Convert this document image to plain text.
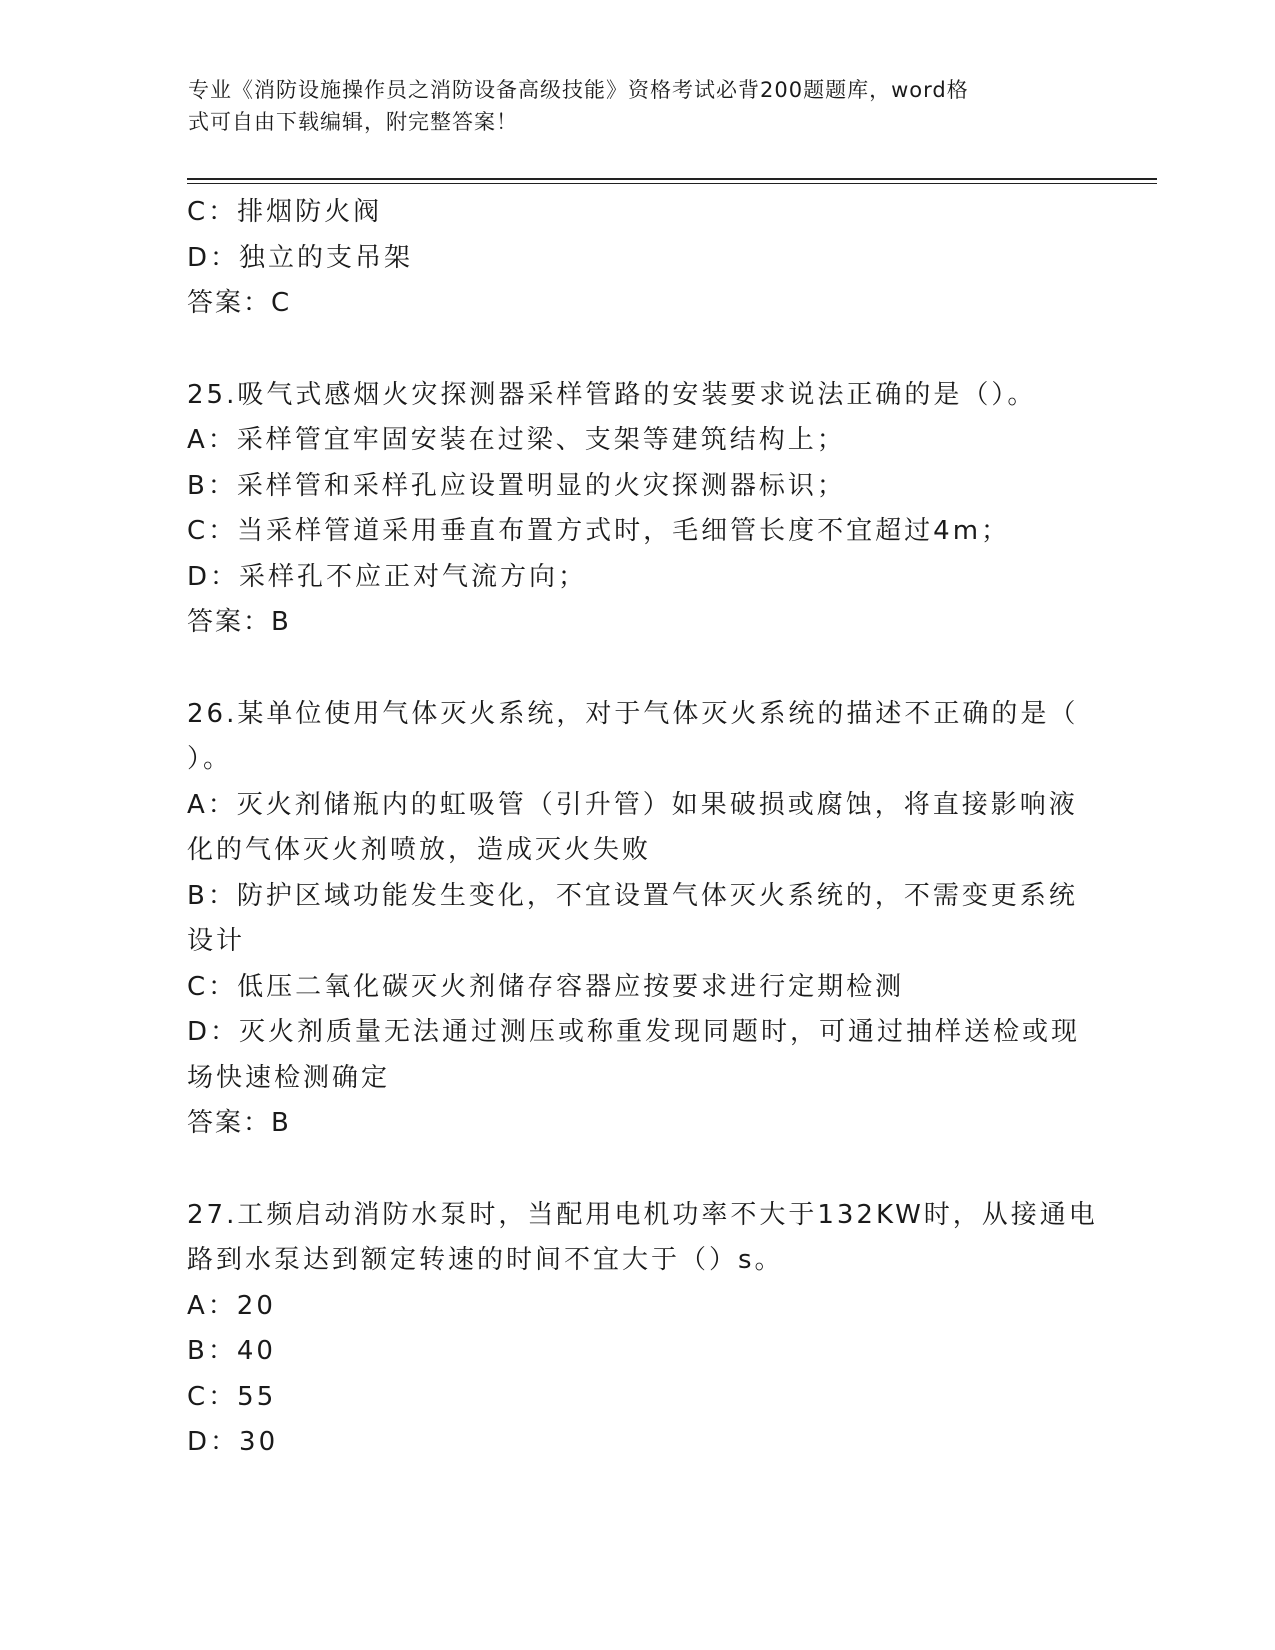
专业《消防设施操作员之消防设备高级技能》资格考试必背200题题库，word格
式可自由下载编辑，附完整答案！
C：排烟防火阀
D：独立的支吊架
答案：C
25.吸气式感烟火灾探测器采样管路的安装要求说法正确的是（）。
A：采样管宜牢固安装在过梁、支架等建筑结构上；
B：采样管和采样孔应设置明显的火灾探测器标识；
C：当采样管道采用垂直布置方式时，毛细管长度不宜超过4m；
D：采样孔不应正对气流方向；
答案：B
26.某单位使用气体灭火系统，对于气体灭火系统的描述不正确的是（
）。
A：灭火剂储瓶内的虹吸管（引升管）如果破损或腐蚀，将直接影响液
化的气体灭火剂喷放，造成灭火失败
B：防护区域功能发生变化，不宜设置气体灭火系统的，不需变更系统
设计
C：低压二氧化碳灭火剂储存容器应按要求进行定期检测
D：灭火剂质量无法通过测压或称重发现同题时，可通过抽样送检或现
场快速检测确定
答案：B
27.工频启动消防水泵时，当配用电机功率不大于132KW时，从接通电
路到水泵达到额定转速的时间不宜大于（）s。
A：20
B：40
C：55
D：30
